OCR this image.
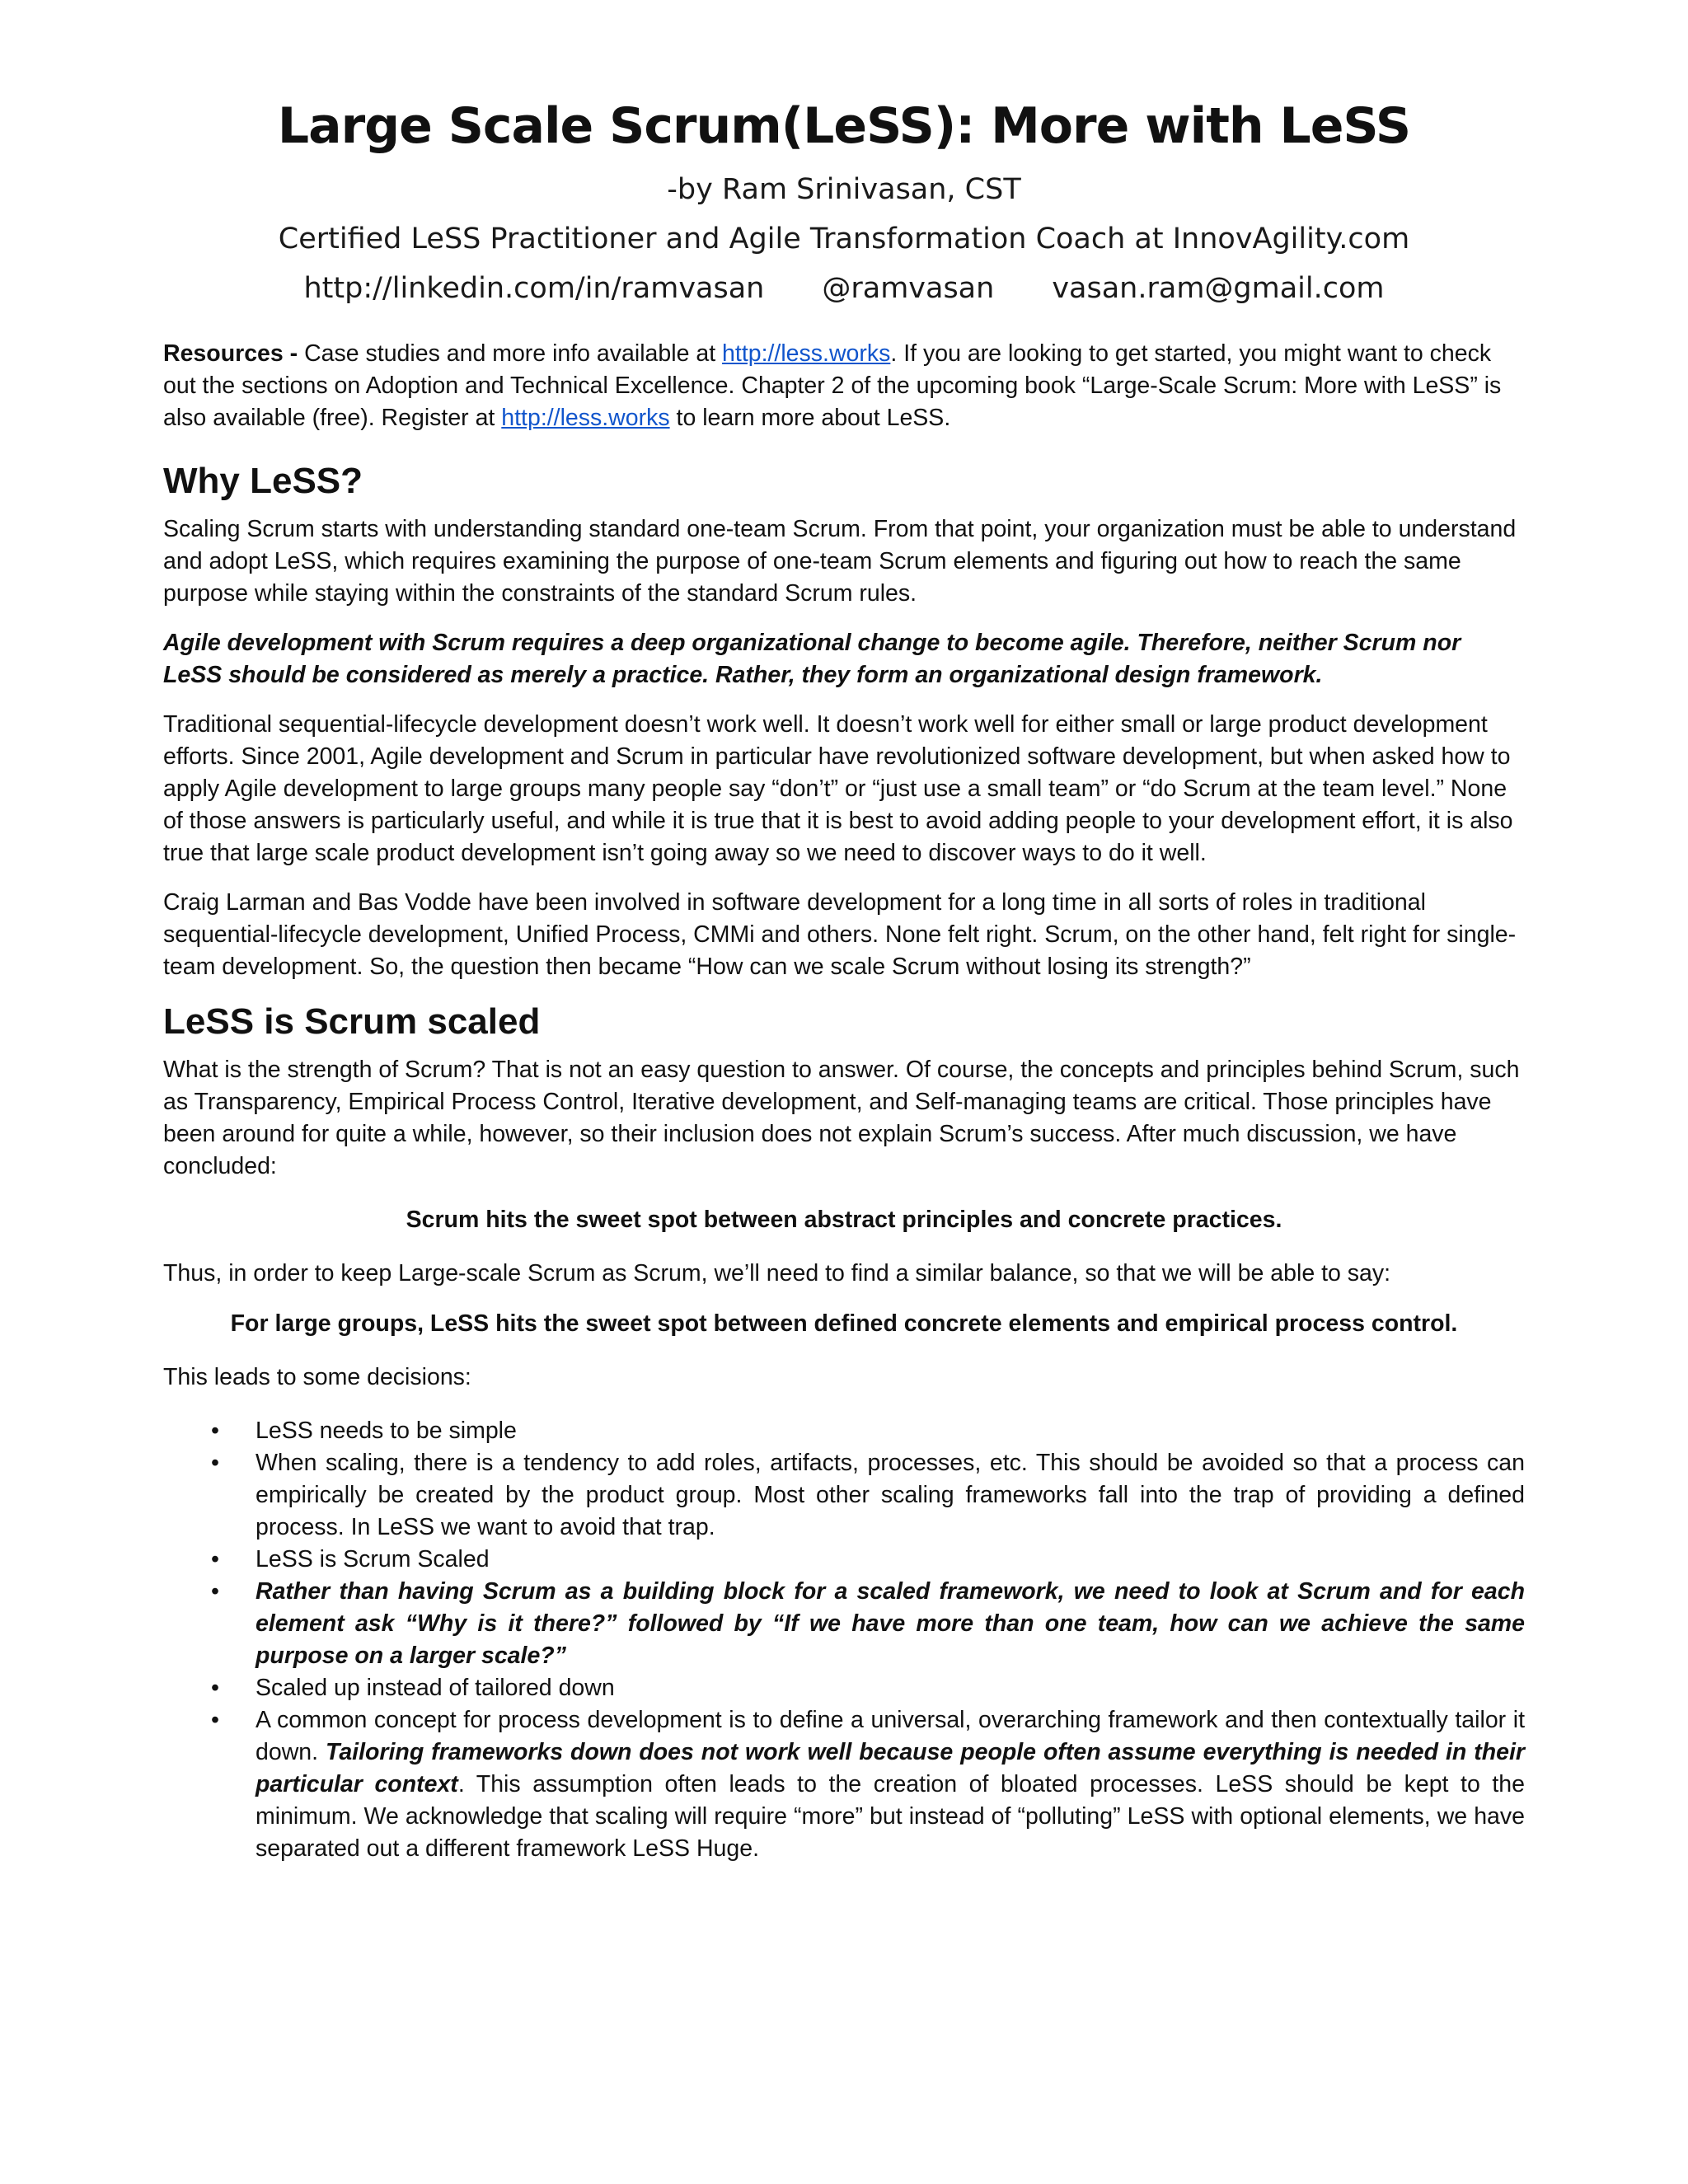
Large Scale Scrum(LeSS): More with LeSS
-by Ram Srinivasan, CST
Certified LeSS Practitioner and Agile Transformation Coach at InnovAgility.com
http://linkedin.com/in/ramvasan @ramvasan vasan.ram@gmail.com

Resources - Case studies and more info available at http://less.works. If you are looking to get started, you might want to check out the sections on Adoption and Technical Excellence. Chapter 2 of the upcoming book “Large-Scale Scrum: More with LeSS” is also available (free). Register at http://less.works to learn more about LeSS.

Why LeSS?

Scaling Scrum starts with understanding standard one-team Scrum. From that point, your organization must be able to understand and adopt LeSS, which requires examining the purpose of one-team Scrum elements and figuring out how to reach the same purpose while staying within the constraints of the standard Scrum rules.

Agile development with Scrum requires a deep organizational change to become agile. Therefore, neither Scrum nor LeSS should be considered as merely a practice. Rather, they form an organizational design framework.

Traditional sequential-lifecycle development doesn’t work well. It doesn’t work well for either small or large product development efforts. Since 2001, Agile development and Scrum in particular have revolutionized software development, but when asked how to apply Agile development to large groups many people say “don’t” or “just use a small team” or “do Scrum at the team level.” None of those answers is particularly useful, and while it is true that it is best to avoid adding people to your development effort, it is also true that large scale product development isn’t going away so we need to discover ways to do it well.

Craig Larman and Bas Vodde have been involved in software development for a long time in all sorts of roles in traditional sequential-lifecycle development, Unified Process, CMMi and others. None felt right. Scrum, on the other hand, felt right for single-team development. So, the question then became “How can we scale Scrum without losing its strength?”

LeSS is Scrum scaled

What is the strength of Scrum? That is not an easy question to answer. Of course, the concepts and principles behind Scrum, such as Transparency, Empirical Process Control, Iterative development, and Self-managing teams are critical. Those principles have been around for quite a while, however, so their inclusion does not explain Scrum’s success. After much discussion, we have concluded:

Scrum hits the sweet spot between abstract principles and concrete practices.

Thus, in order to keep Large-scale Scrum as Scrum, we’ll need to find a similar balance, so that we will be able to say:

For large groups, LeSS hits the sweet spot between defined concrete elements and empirical process control.

This leads to some decisions:

• LeSS needs to be simple
• When scaling, there is a tendency to add roles, artifacts, processes, etc. This should be avoided so that a process can empirically be created by the product group. Most other scaling frameworks fall into the trap of providing a defined process. In LeSS we want to avoid that trap.
• LeSS is Scrum Scaled
• Rather than having Scrum as a building block for a scaled framework, we need to look at Scrum and for each element ask “Why is it there?” followed by “If we have more than one team, how can we achieve the same purpose on a larger scale?”
• Scaled up instead of tailored down
• A common concept for process development is to define a universal, overarching framework and then contextually tailor it down. Tailoring frameworks down does not work well because people often assume everything is needed in their particular context. This assumption often leads to the creation of bloated processes. LeSS should be kept to the minimum. We acknowledge that scaling will require “more” but instead of “polluting” LeSS with optional elements, we have separated out a different framework LeSS Huge.
